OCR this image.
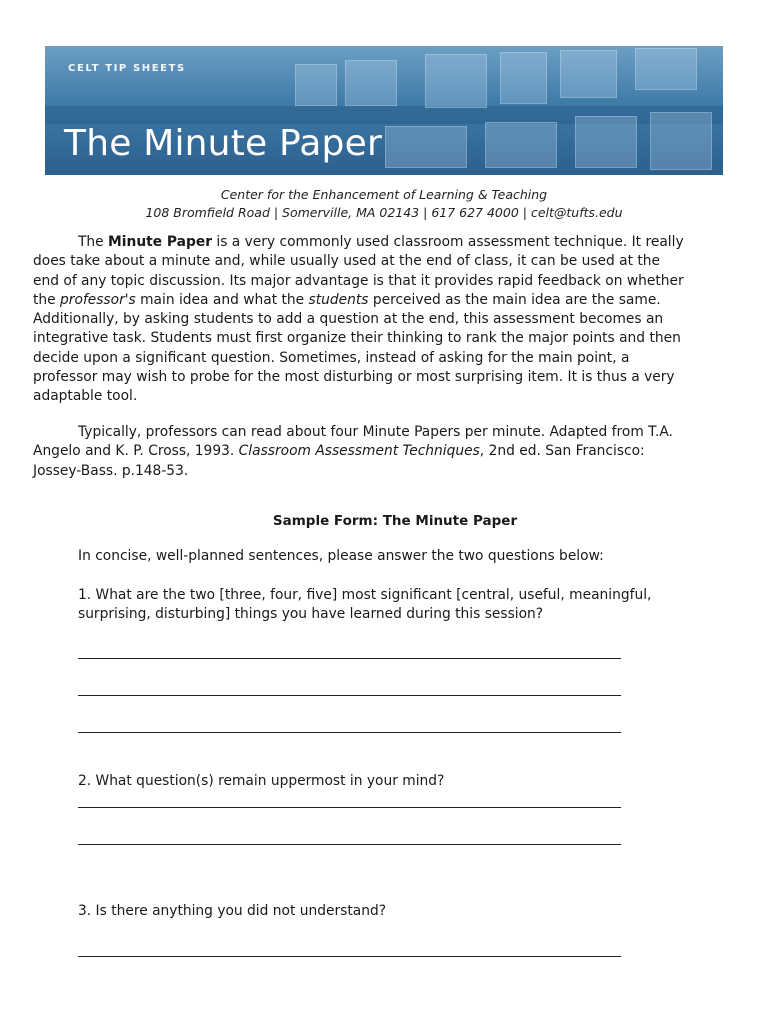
CELT TIP SHEETS
The Minute Paper
Center for the Enhancement of Learning & Teaching
108 Bromfield Road | Somerville, MA 02143 | 617 627 4000 | celt@tufts.edu

The Minute Paper is a very commonly used classroom assessment technique. It really does take about a minute and, while usually used at the end of class, it can be used at the end of any topic discussion. Its major advantage is that it provides rapid feedback on whether the professor's main idea and what the students perceived as the main idea are the same. Additionally, by asking students to add a question at the end, this assessment becomes an integrative task. Students must first organize their thinking to rank the major points and then decide upon a significant question. Sometimes, instead of asking for the main point, a professor may wish to probe for the most disturbing or most surprising item. It is thus a very adaptable tool.

Typically, professors can read about four Minute Papers per minute. Adapted from T.A. Angelo and K. P. Cross, 1993. Classroom Assessment Techniques, 2nd ed. San Francisco: Jossey-Bass. p.148-53.

Sample Form: The Minute Paper

In concise, well-planned sentences, please answer the two questions below:

1. What are the two [three, four, five] most significant [central, useful, meaningful, surprising, disturbing] things you have learned during this session?

2. What question(s) remain uppermost in your mind?

3. Is there anything you did not understand?
